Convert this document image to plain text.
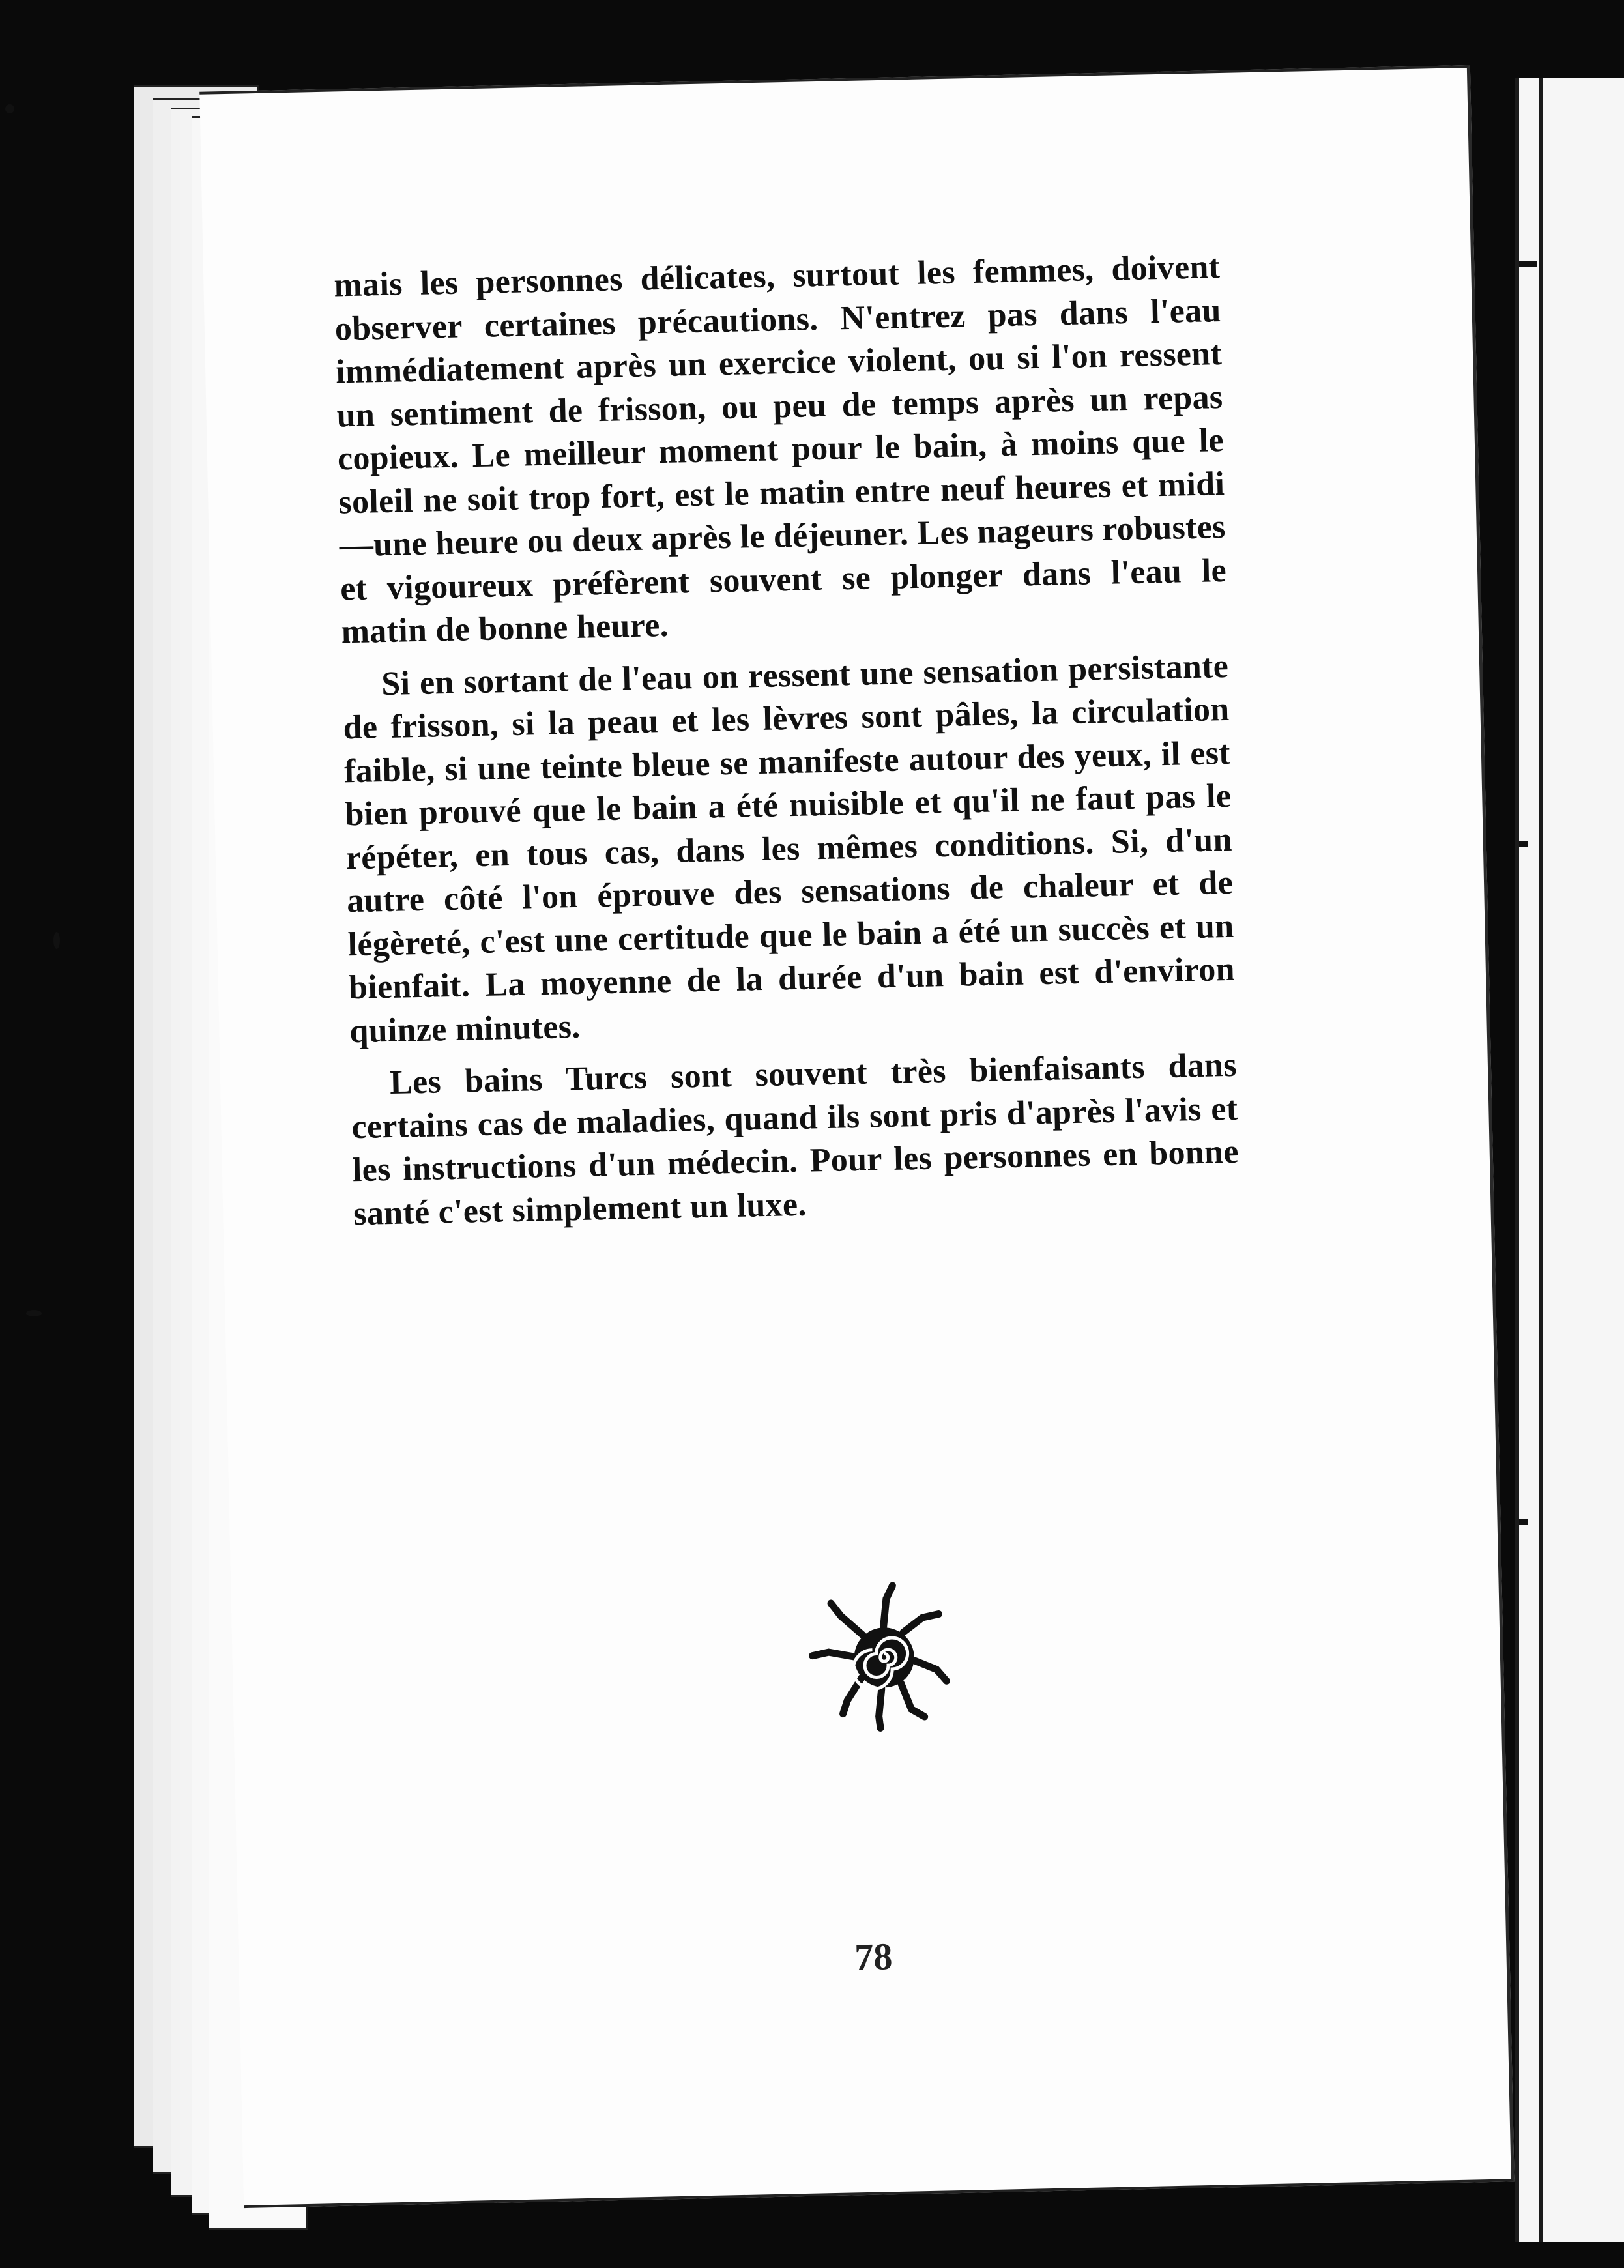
mais les personnes délicates, surtout les femmes, doivent observer certaines précautions. N'entrez pas dans l'eau immédiatement après un exercice violent, ou si l'on ressent un sentiment de frisson, ou peu de temps après un repas copieux. Le meilleur moment pour le bain, à moins que le soleil ne soit trop fort, est le matin entre neuf heures et midi—une heure ou deux après le déjeuner. Les nageurs robustes et vigoureux préfèrent souvent se plonger dans l'eau le matin de bonne heure.

Si en sortant de l'eau on ressent une sensation persistante de frisson, si la peau et les lèvres sont pâles, la circulation faible, si une teinte bleue se manifeste autour des yeux, il est bien prouvé que le bain a été nuisible et qu'il ne faut pas le répéter, en tous cas, dans les mêmes conditions. Si, d'un autre côté l'on éprouve des sensations de chaleur et de légèreté, c'est une certitude que le bain a été un succès et un bienfait. La moyenne de la durée d'un bain est d'environ quinze minutes.

Les bains Turcs sont souvent très bienfaisants dans certains cas de maladies, quand ils sont pris d'après l'avis et les instructions d'un médecin. Pour les personnes en bonne santé c'est simplement un luxe.

78
